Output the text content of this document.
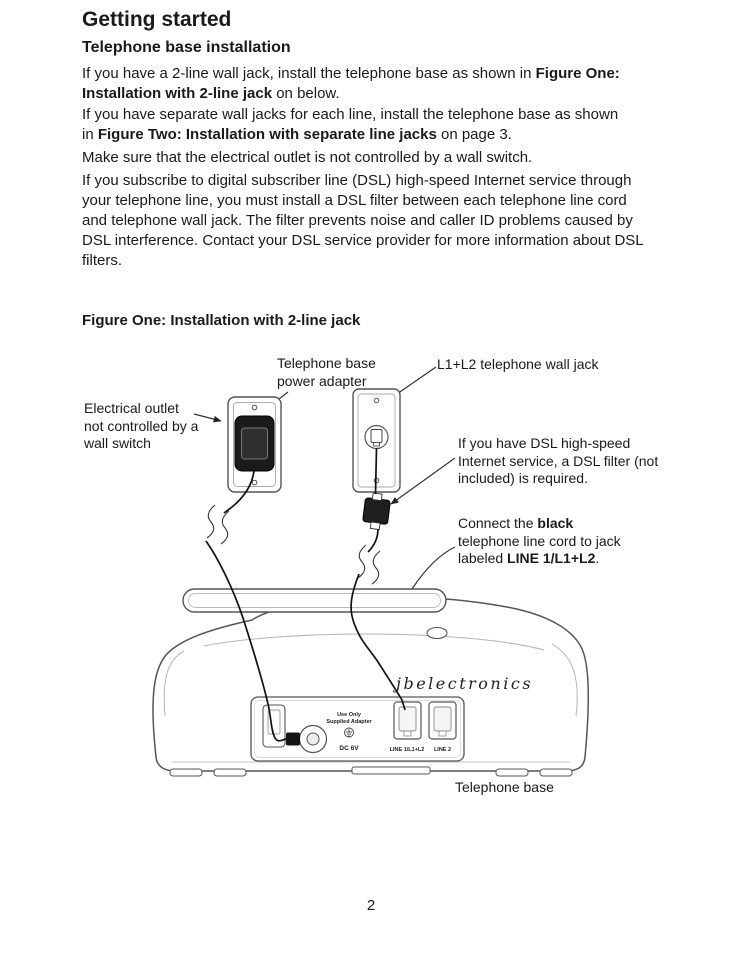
Getting started
Telephone base installation
If you have a 2-line wall jack, install the telephone base as shown in Figure One: Installation with 2-line jack on below.
If you have separate wall jacks for each line, install the telephone base as shown in Figure Two: Installation with separate line jacks on page 3.
Make sure that the electrical outlet is not controlled by a wall switch.
If you subscribe to digital subscriber line (DSL) high-speed Internet service through your telephone line, you must install a DSL filter between each telephone line cord and telephone wall jack. The filter prevents noise and caller ID problems caused by DSL interference. Contact your DSL service provider for more information about DSL filters.
Figure One: Installation with 2-line jack
jbelectronics
Use Only
Supplied Adapter
DC 6V	LINE 1/L1+L2 LINE 2
Telephone base power adapter
L1+L2 telephone wall jack
Electrical outlet not controlled by a wall switch	If you have DSL high-speed Internet service, a DSL filter (not included) is required.
Connect the black
telephone line cord to jack
labeled LINE 1/L1+L2.
Telephone base
2
